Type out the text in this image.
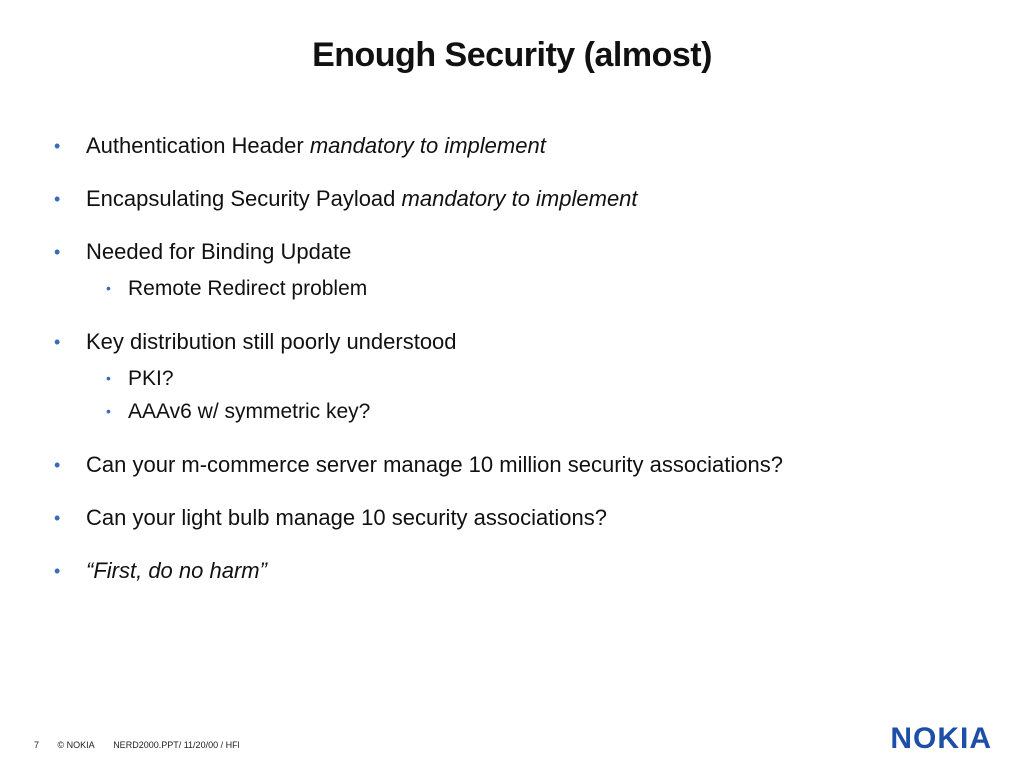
Enough Security (almost)
• Authentication Header mandatory to implement
• Encapsulating Security Payload mandatory to implement
• Needed for Binding Update
• Remote Redirect problem
• Key distribution still poorly understood
• PKI?
• AAAv6 w/ symmetric key?
• Can your m-commerce server manage 10 million security associations?
• Can your light bulb manage 10 security associations?
• “First, do no harm”
7 © NOKIA NERD2000.PPT/ 11/20/00 / HFl	NOKIA
